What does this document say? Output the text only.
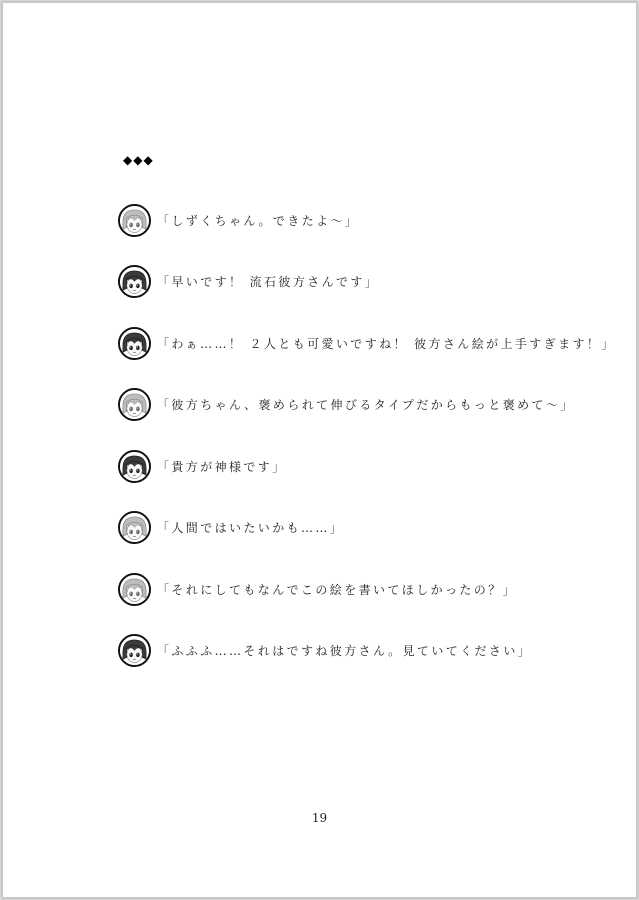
◆◆◆
「しずくちゃん。できたよ～」
「早いです！ 流石彼方さんです」
「わぁ……！ ２人とも可愛いですね！ 彼方さん絵が上手すぎます！」
「彼方ちゃん、褒められて伸びるタイプだからもっと褒めて～」
「貴方が神様です」
「人間ではいたいかも……」
「それにしてもなんでこの絵を書いてほしかったの？」
「ふふふ……それはですね彼方さん。見ていてください」
19
